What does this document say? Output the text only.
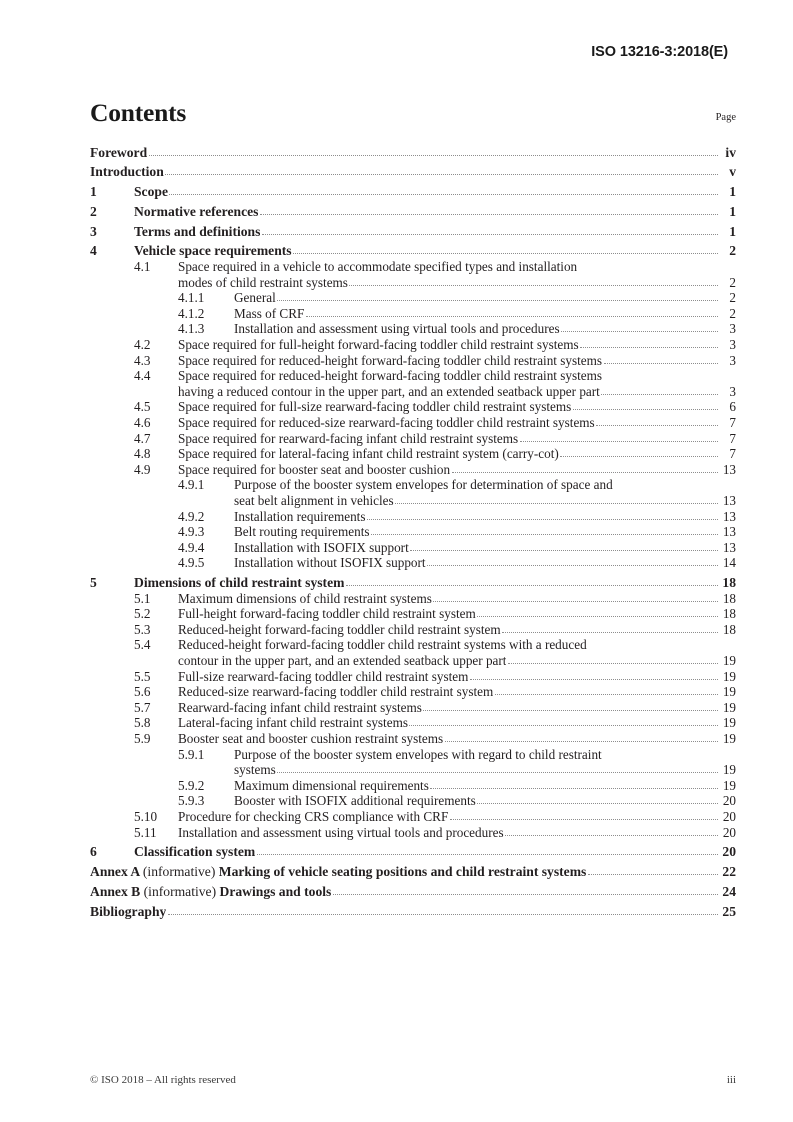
ISO 13216-3:2018(E)
Contents	Page
Foreword	iv
Introduction	v
1	Scope	1
2	Normative references	1
3	Terms and definitions	1
4	Vehicle space requirements	2
4.1	Space required in a vehicle to accommodate specified types and installation
modes of child restraint systems	2
4.1.1	General	2
4.1.2	Mass of CRF	2
4.1.3	Installation and assessment using virtual tools and procedures	3
4.2	Space required for full-height forward-facing toddler child restraint systems	3
4.3	Space required for reduced-height forward-facing toddler child restraint systems	3
4.4	Space required for reduced-height forward-facing toddler child restraint systems
having a reduced contour in the upper part, and an extended seatback upper part	3
4.5	Space required for full-size rearward-facing toddler child restraint systems	6
4.6	Space required for reduced-size rearward-facing toddler child restraint systems	7
4.7	Space required for rearward-facing infant child restraint systems	7
4.8	Space required for lateral-facing infant child restraint system (carry-cot)	7
4.9	Space required for booster seat and booster cushion	13
4.9.1	Purpose of the booster system envelopes for determination of space and
seat belt alignment in vehicles	13
4.9.2	Installation requirements	13
4.9.3	Belt routing requirements	13
4.9.4	Installation with ISOFIX support	13
4.9.5	Installation without ISOFIX support	14
5	Dimensions of child restraint system	18
5.1	Maximum dimensions of child restraint systems	18
5.2	Full-height forward-facing toddler child restraint system	18
5.3	Reduced-height forward-facing toddler child restraint system	18
5.4	Reduced-height forward-facing toddler child restraint systems with a reduced
contour in the upper part, and an extended seatback upper part	19
5.5	Full-size rearward-facing toddler child restraint system	19
5.6	Reduced-size rearward-facing toddler child restraint system	19
5.7	Rearward-facing infant child restraint systems	19
5.8	Lateral-facing infant child restraint systems	19
5.9	Booster seat and booster cushion restraint systems	19
5.9.1	Purpose of the booster system envelopes with regard to child restraint
systems	19
5.9.2	Maximum dimensional requirements	19
5.9.3	Booster with ISOFIX additional requirements	20
5.10	Procedure for checking CRS compliance with CRF	20
5.11	Installation and assessment using virtual tools and procedures	20
6	Classification system	20
Annex A (informative) Marking of vehicle seating positions and child restraint systems	22
Annex B (informative) Drawings and tools	24
Bibliography	25
© ISO 2018 – All rights reserved	iii
